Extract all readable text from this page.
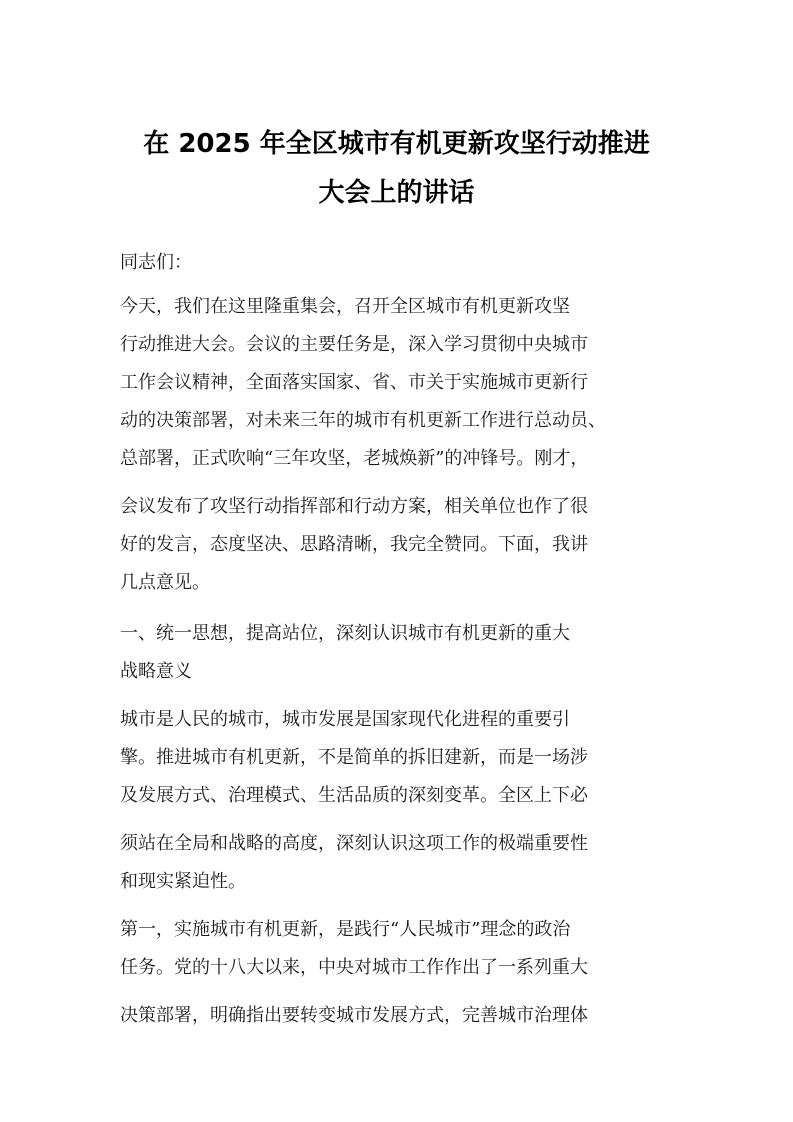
在 2025 年全区城市有机更新攻坚行动推进
大会上的讲话
同志们：
今天，我们在这里隆重集会，召开全区城市有机更新攻坚
行动推进大会。会议的主要任务是，深入学习贯彻中央城市
工作会议精神，全面落实国家、省、市关于实施城市更新行
动的决策部署，对未来三年的城市有机更新工作进行总动员、
总部署，正式吹响“三年攻坚，老城焕新”的冲锋号。刚才，
会议发布了攻坚行动指挥部和行动方案，相关单位也作了很
好的发言，态度坚决、思路清晰，我完全赞同。下面，我讲
几点意见。
一、统一思想，提高站位，深刻认识城市有机更新的重大
战略意义
城市是人民的城市，城市发展是国家现代化进程的重要引
擎。推进城市有机更新，不是简单的拆旧建新，而是一场涉
及发展方式、治理模式、生活品质的深刻变革。全区上下必
须站在全局和战略的高度，深刻认识这项工作的极端重要性
和现实紧迫性。
第一，实施城市有机更新，是践行“人民城市”理念的政治
任务。党的十八大以来，中央对城市工作作出了一系列重大
决策部署，明确指出要转变城市发展方式，完善城市治理体
